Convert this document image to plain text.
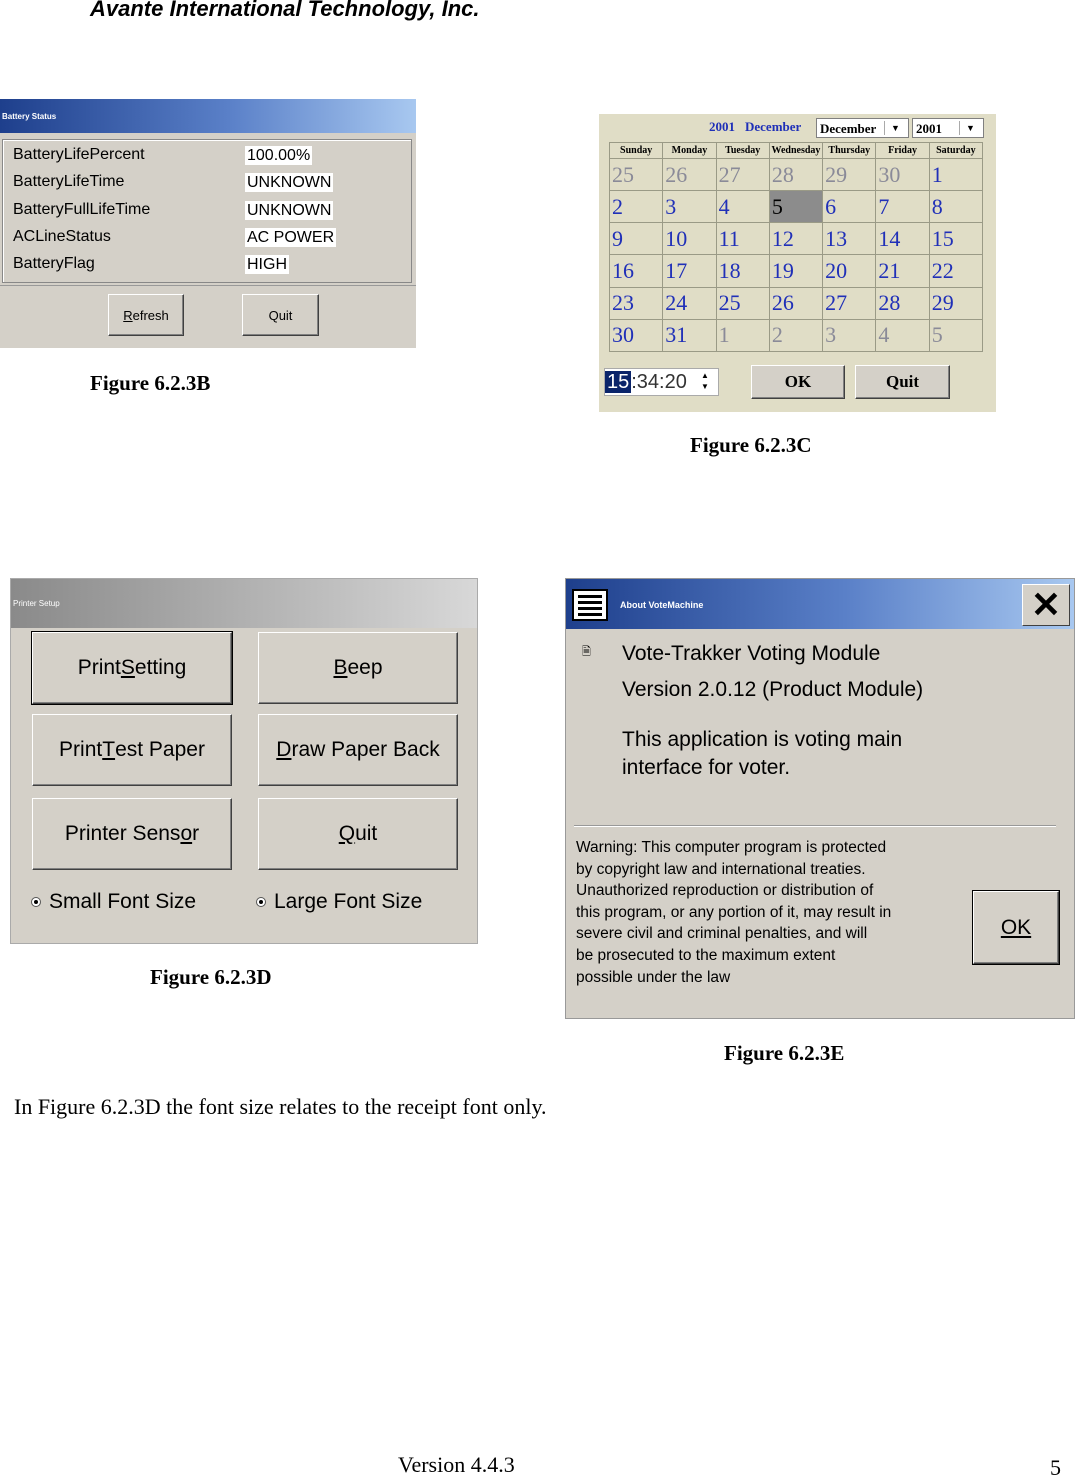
Avante International Technology, Inc.
Battery Status
BatteryLifePercent	100.00%
BatteryLifeTime	UNKNOWN
BatteryFullLifeTime	UNKNOWN
ACLineStatus	AC POWER
BatteryFlag	HIGH
R efresh	Quit
Figure 6.2.3B
2001 December	December	▼	2001	▼
Sunday	Monday	Tuesday	Wednesday	Thursday	Friday	Saturday
25	26	27	28	29	30	1
2	3	4	5	6	7	8
9	10	11	12	13	14	15
16	17	18	19	20	21	22
23	24	25	26	27	28	29
30	31	1	2	3	4	5
15 :34:20	▲
▼	OK	Quit
Figure 6.2.3C
Printer Setup
Print S etting	B eep
Print T est Paper	D raw Paper Back
Printer Sens o r	Q uit
Small Font Size	Large Font Size
Figure 6.2.3D
About VoteMachine	✕
🗎 Vote-Trakker Voting Module
Version 2.0.12 (Product Module)
This application is voting main
interface for voter.
Warning: This computer program is protected
by copyright law and international treaties.
Unauthorized reproduction or distribution of
this program, or any portion of it, may result in
severe civil and criminal penalties, and will
be prosecuted to the maximum extent
possible under the law
OK
Figure 6.2.3E
In Figure 6.2.3D the font size relates to the receipt font only.
Version 4.4.3	5
